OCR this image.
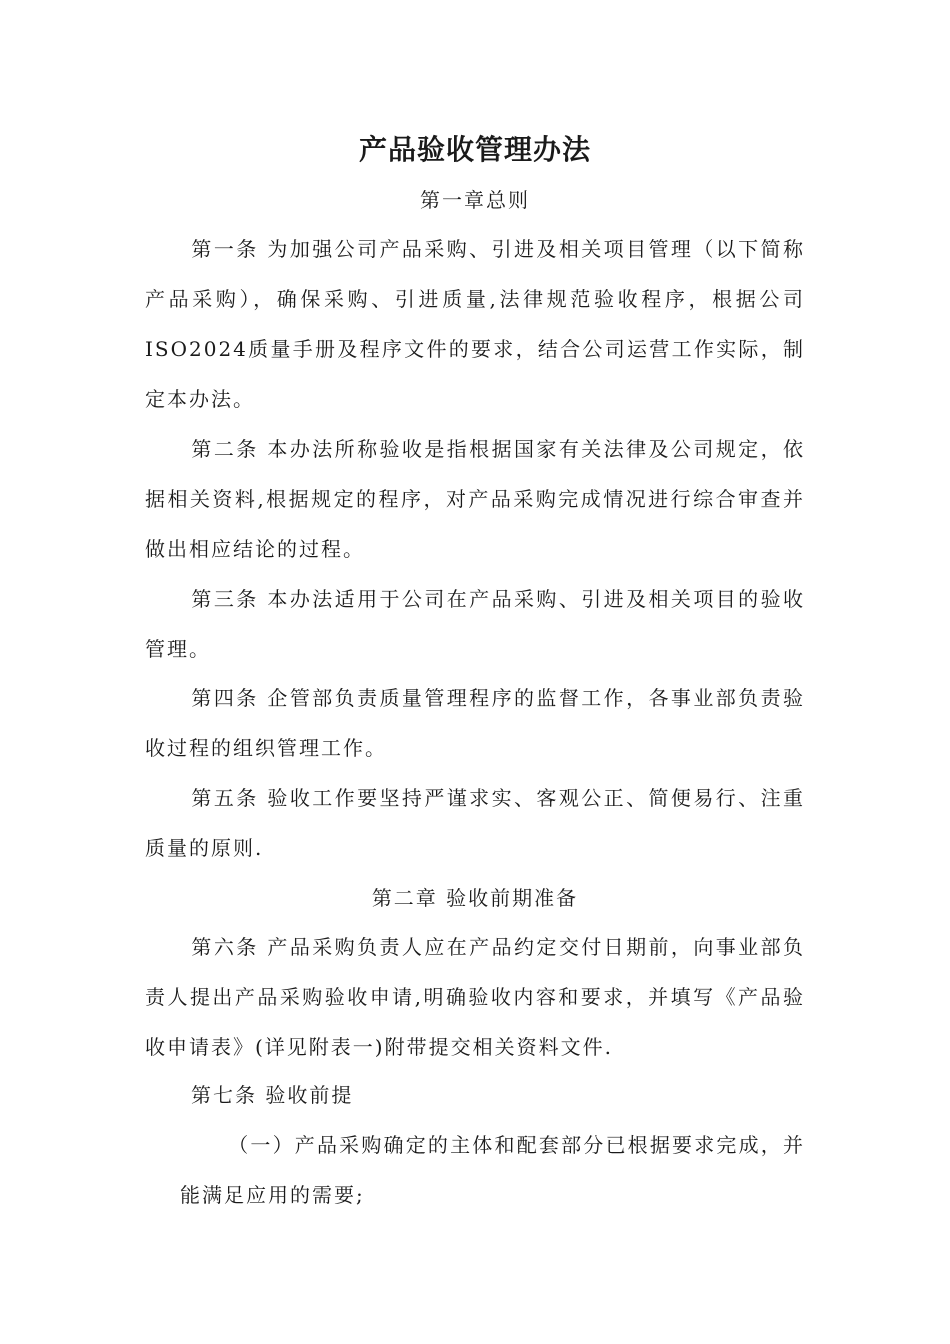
产品验收管理办法
第一章总则
第一条 为加强公司产品采购、引进及相关项目管理（以下简称产品采购），确保采购、引进质量,法律规范验收程序，根据公司ISO2024质量手册及程序文件的要求，结合公司运营工作实际，制定本办法。
第二条 本办法所称验收是指根据国家有关法律及公司规定，依据相关资料,根据规定的程序，对产品采购完成情况进行综合审查并做出相应结论的过程。
第三条 本办法适用于公司在产品采购、引进及相关项目的验收管理。
第四条 企管部负责质量管理程序的监督工作，各事业部负责验收过程的组织管理工作。
第五条 验收工作要坚持严谨求实、客观公正、简便易行、注重质量的原则.
第二章 验收前期准备
第六条 产品采购负责人应在产品约定交付日期前，向事业部负责人提出产品采购验收申请,明确验收内容和要求，并填写《产品验收申请表》(详见附表一)附带提交相关资料文件.
第七条 验收前提
（一）产品采购确定的主体和配套部分已根据要求完成，并能满足应用的需要;
